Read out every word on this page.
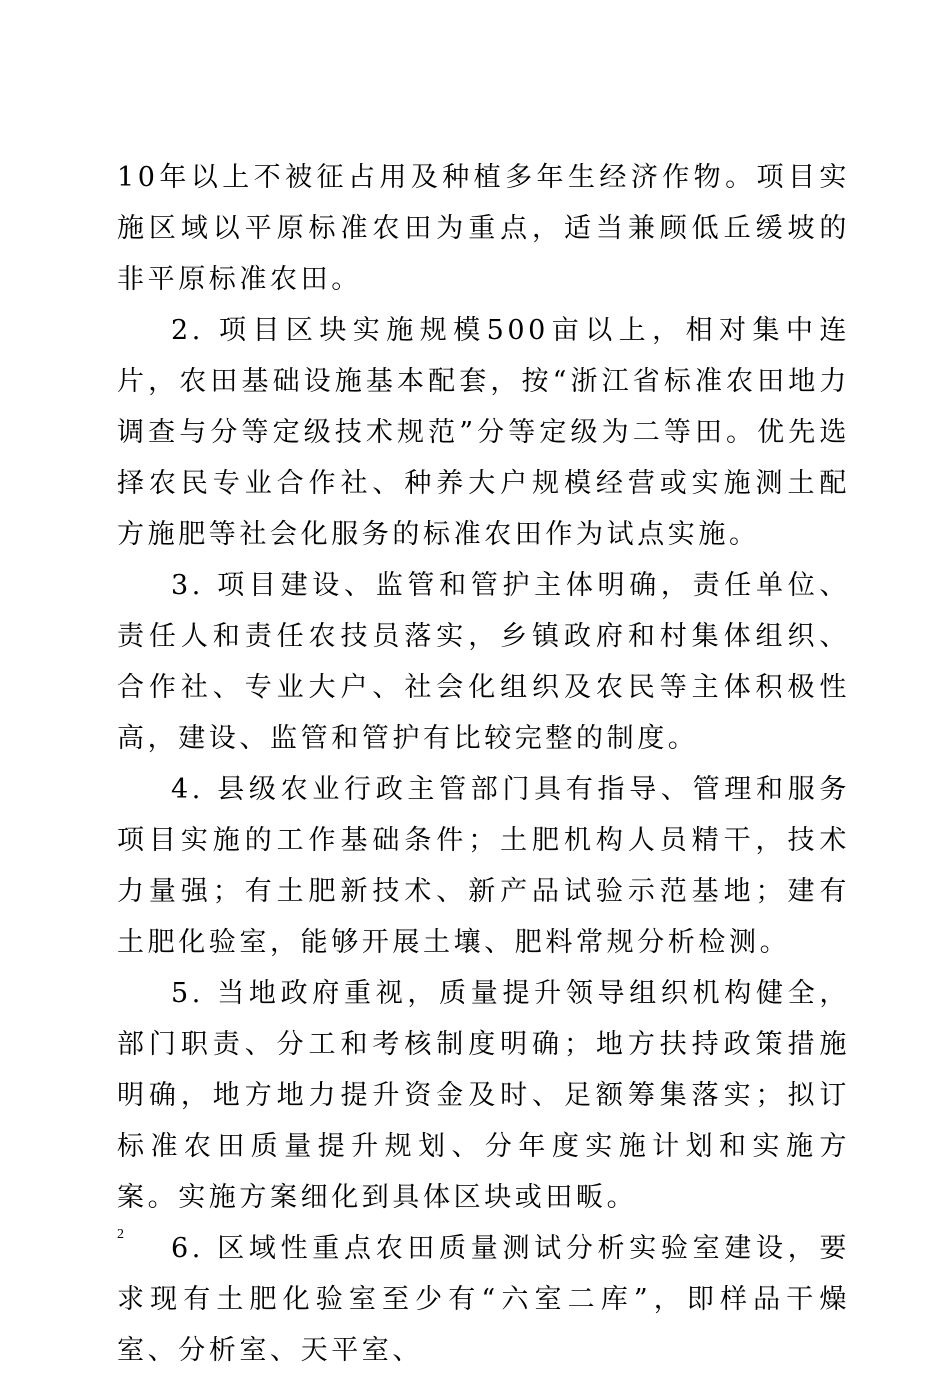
10年以上不被征占用及种植多年生经济作物。项目实施区域以平原标准农田为重点，适当兼顾低丘缓坡的非平原标准农田。

2. 项目区块实施规模500亩以上，相对集中连片，农田基础设施基本配套，按“浙江省标准农田地力调查与分等定级技术规范”分等定级为二等田。优先选择农民专业合作社、种养大户规模经营或实施测土配方施肥等社会化服务的标准农田作为试点实施。

3. 项目建设、监管和管护主体明确，责任单位、责任人和责任农技员落实，乡镇政府和村集体组织、合作社、专业大户、社会化组织及农民等主体积极性高，建设、监管和管护有比较完整的制度。

4. 县级农业行政主管部门具有指导、管理和服务项目实施的工作基础条件；土肥机构人员精干，技术力量强；有土肥新技术、新产品试验示范基地；建有土肥化验室，能够开展土壤、肥料常规分析检测。

5. 当地政府重视，质量提升领导组织机构健全，部门职责、分工和考核制度明确；地方扶持政策措施明确，地方地力提升资金及时、足额筹集落实；拟订标准农田质量提升规划、分年度实施计划和实施方案。实施方案细化到具体区块或田畈。

6. 区域性重点农田质量测试分析实验室建设，要求现有土肥化验室至少有“六室二库”，即样品干燥室、分析室、天平室、

2
